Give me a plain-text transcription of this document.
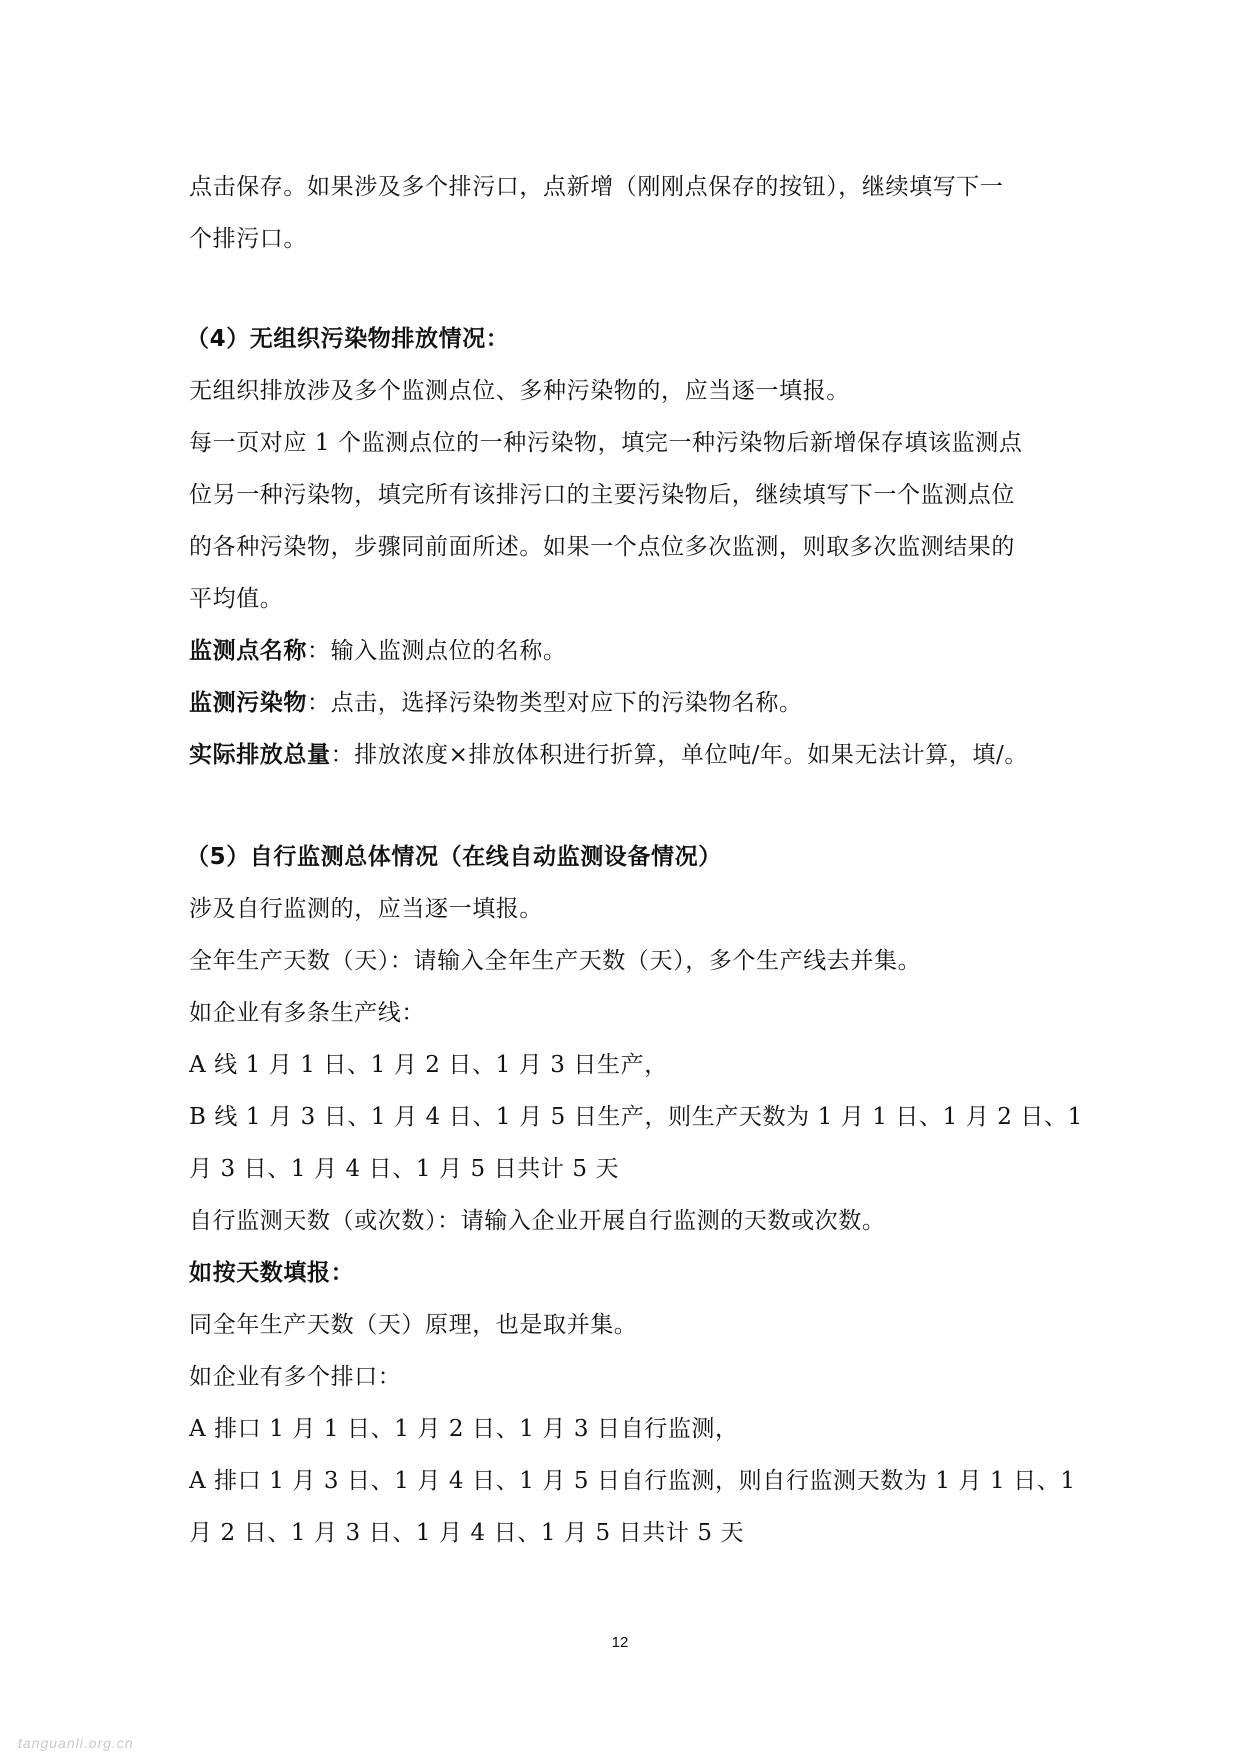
点击保存。如果涉及多个排污口，点新增（刚刚点保存的按钮），继续填写下一
个排污口。
（4）无组织污染物排放情况：
无组织排放涉及多个监测点位、多种污染物的，应当逐一填报。
每一页对应 1 个监测点位的一种污染物，填完一种污染物后新增保存填该监测点
位另一种污染物，填完所有该排污口的主要污染物后，继续填写下一个监测点位
的各种污染物，步骤同前面所述。如果一个点位多次监测，则取多次监测结果的
平均值。
监测点名称：输入监测点位的名称。
监测污染物：点击，选择污染物类型对应下的污染物名称。
实际排放总量：排放浓度×排放体积进行折算，单位吨/年。如果无法计算，填/。
（5）自行监测总体情况（在线自动监测设备情况）
涉及自行监测的，应当逐一填报。
全年生产天数（天）：请输入全年生产天数（天），多个生产线去并集。
如企业有多条生产线：
A 线 1 月 1 日、1 月 2 日、1 月 3 日生产，
B 线 1 月 3 日、1 月 4 日、1 月 5 日生产，则生产天数为 1 月 1 日、1 月 2 日、1
月 3 日、1 月 4 日、1 月 5 日共计 5 天
自行监测天数（或次数）：请输入企业开展自行监测的天数或次数。
如按天数填报：
同全年生产天数（天）原理，也是取并集。
如企业有多个排口：
A 排口 1 月 1 日、1 月 2 日、1 月 3 日自行监测，
A 排口 1 月 3 日、1 月 4 日、1 月 5 日自行监测，则自行监测天数为 1 月 1 日、1
月 2 日、1 月 3 日、1 月 4 日、1 月 5 日共计 5 天
12
tanguanli.org.cn
